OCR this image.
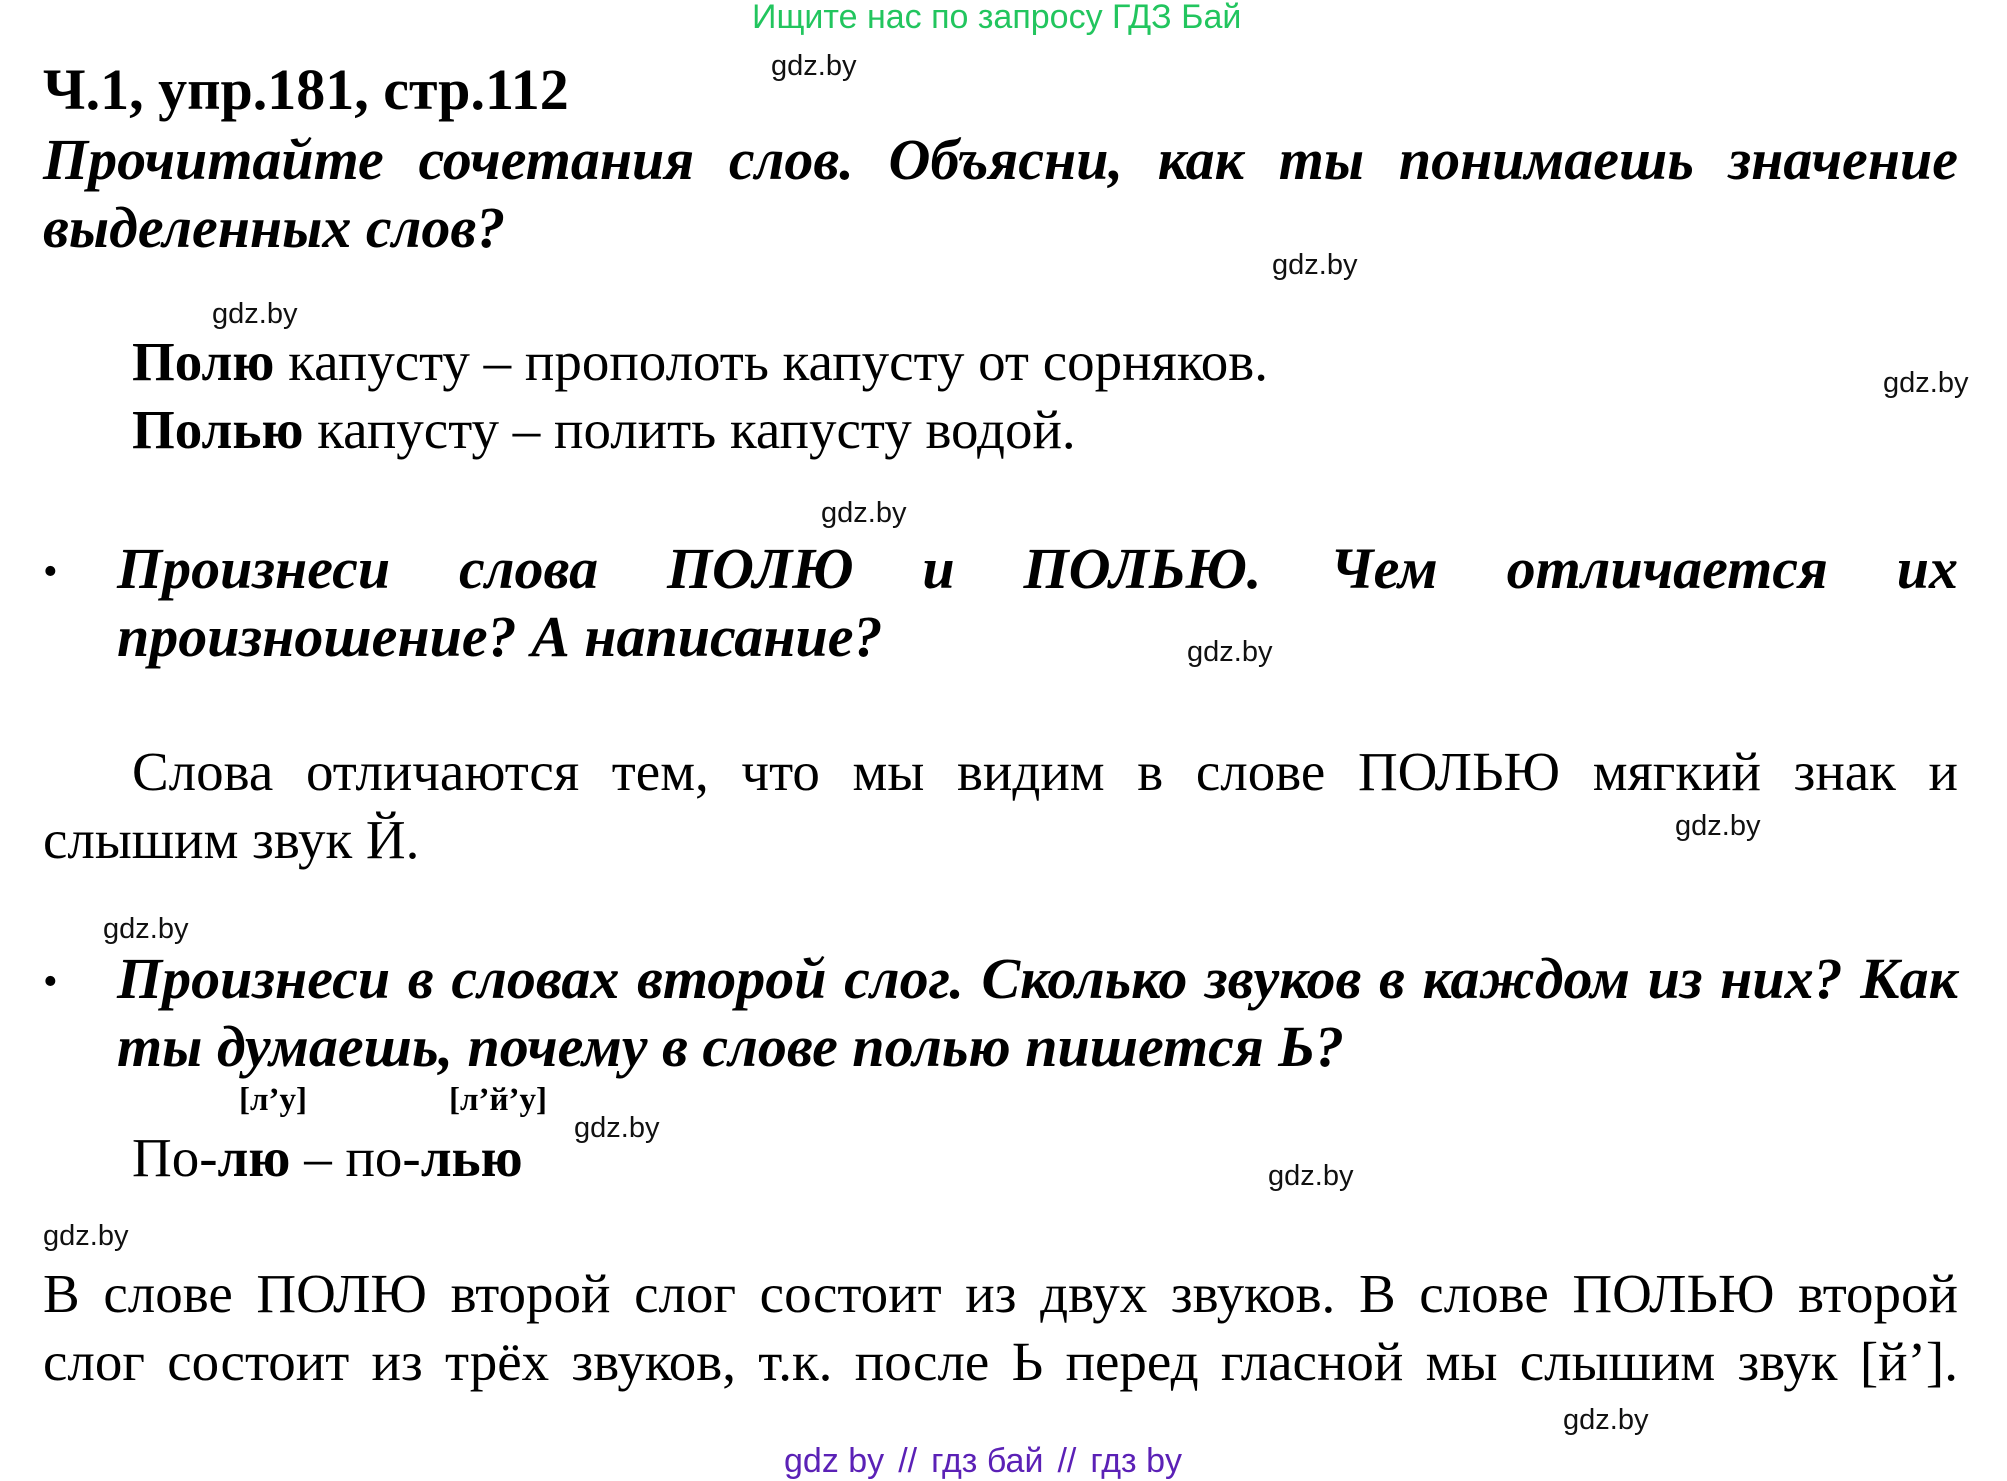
Ищите нас по запросу ГДЗ Бай
gdz.by
gdz.by
gdz.by
gdz.by
gdz.by
gdz.by
gdz.by
gdz.by
gdz.by
gdz.by
gdz.by
gdz.by
Ч.1, упр.181, стр.112
Прочитайте сочетания слов. Объясни, как ты понимаешь значение
выделенных слов?
Полю капусту – прополоть капусту от сорняков.
Полью капусту – полить капусту водой.
• Произнеси слова ПОЛЮ и ПОЛЬЮ. Чем отличается их
произношение? А написание?
Слова отличаются тем, что мы видим в слове ПОЛЬЮ мягкий знак и
слышим звук Й.
• Произнеси в словах второй слог. Сколько звуков в каждом из них? Как
ты думаешь, почему в слове полью пишется Ь?
[л’у]	[л’й’у]
По-лю – по-лью
В слове ПОЛЮ второй слог состоит из двух звуков. В слове ПОЛЬЮ второй
слог состоит из трёх звуков, т.к. после Ь перед гласной мы слышим звук [й’].
gdz by // гдз бай // гдз by
